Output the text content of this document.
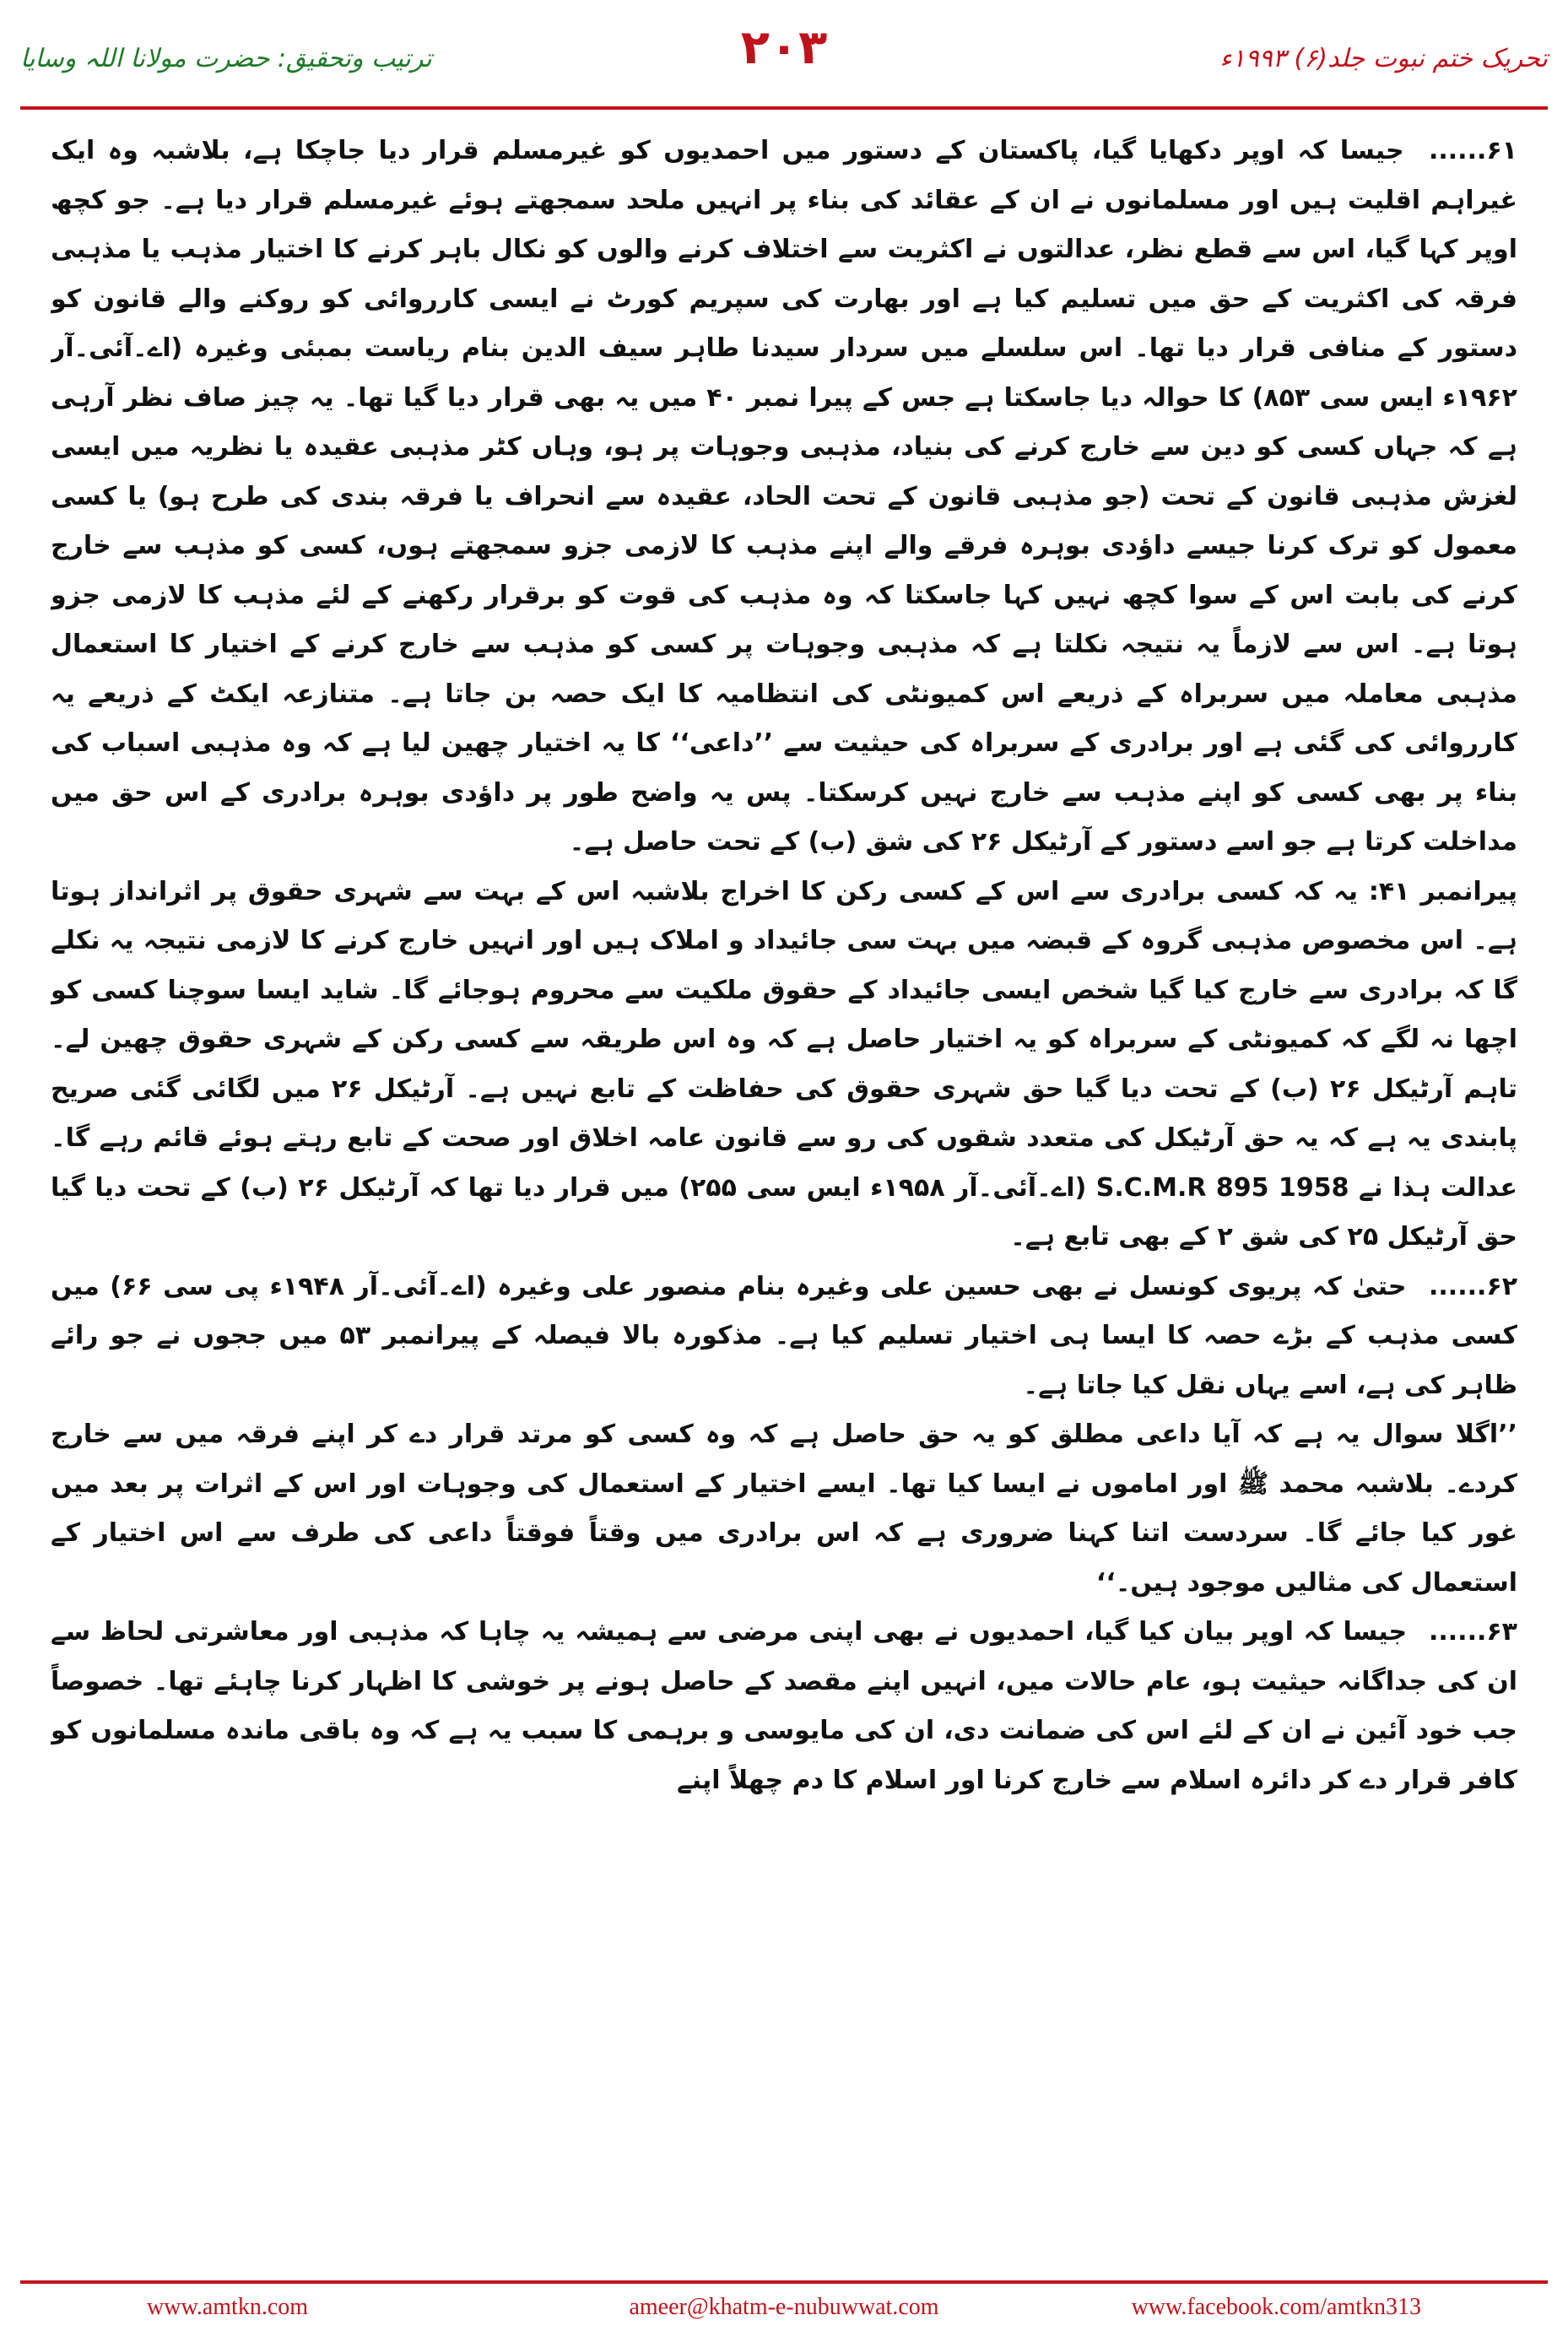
ترتیب وتحقیق: حضرت مولانا اللہ وسایا	۲۰۳	تحریک ختم نبوت جلد(۶) ۱۹۹۳ء

۶۱...... جیسا کہ اوپر دکھایا گیا، پاکستان کے دستور میں احمدیوں کو غیرمسلم قرار دیا جاچکا ہے، بلاشبہ وہ ایک غیراہم اقلیت ہیں اور مسلمانوں نے ان کے عقائد کی بناء پر انہیں ملحد سمجھتے ہوئے غیرمسلم قرار دیا ہے۔ جو کچھ اوپر کہا گیا، اس سے قطع نظر، عدالتوں نے اکثریت سے اختلاف کرنے والوں کو نکال باہر کرنے کا اختیار مذہب یا مذہبی فرقہ کی اکثریت کے حق میں تسلیم کیا ہے اور بھارت کی سپریم کورٹ نے ایسی کارروائی کو روکنے والے قانون کو دستور کے منافی قرار دیا تھا۔ اس سلسلے میں سردار سیدنا طاہر سیف الدین بنام ریاست بمبئی وغیرہ (اے۔آئی۔آر ۱۹۶۲ء ایس سی ۸۵۳) کا حوالہ دیا جاسکتا ہے جس کے پیرا نمبر ۴۰ میں یہ بھی قرار دیا گیا تھا۔ یہ چیز صاف نظر آرہی ہے کہ جہاں کسی کو دین سے خارج کرنے کی بنیاد، مذہبی وجوہات پر ہو، وہاں کٹر مذہبی عقیدہ یا نظریہ میں ایسی لغزش مذہبی قانون کے تحت (جو مذہبی قانون کے تحت الحاد، عقیدہ سے انحراف یا فرقہ بندی کی طرح ہو) یا کسی معمول کو ترک کرنا جیسے داؤدی بوہرہ فرقے والے اپنے مذہب کا لازمی جزو سمجھتے ہوں، کسی کو مذہب سے خارج کرنے کی بابت اس کے سوا کچھ نہیں کہا جاسکتا کہ وہ مذہب کی قوت کو برقرار رکھنے کے لئے مذہب کا لازمی جزو ہوتا ہے۔ اس سے لازماً یہ نتیجہ نکلتا ہے کہ مذہبی وجوہات پر کسی کو مذہب سے خارج کرنے کے اختیار کا استعمال مذہبی معاملہ میں سربراہ کے ذریعے اس کمیونٹی کی انتظامیہ کا ایک حصہ بن جاتا ہے۔ متنازعہ ایکٹ کے ذریعے یہ کارروائی کی گئی ہے اور برادری کے سربراہ کی حیثیت سے ’’داعی‘‘ کا یہ اختیار چھین لیا ہے کہ وہ مذہبی اسباب کی بناء پر بھی کسی کو اپنے مذہب سے خارج نہیں کرسکتا۔ پس یہ واضح طور پر داؤدی بوہرہ برادری کے اس حق میں مداخلت کرتا ہے جو اسے دستور کے آرٹیکل ۲۶ کی شق (ب) کے تحت حاصل ہے۔

پیرانمبر ۴۱: یہ کہ کسی برادری سے اس کے کسی رکن کا اخراج بلاشبہ اس کے بہت سے شہری حقوق پر اثرانداز ہوتا ہے۔ اس مخصوص مذہبی گروہ کے قبضہ میں بہت سی جائیداد و املاک ہیں اور انہیں خارج کرنے کا لازمی نتیجہ یہ نکلے گا کہ برادری سے خارج کیا گیا شخص ایسی جائیداد کے حقوق ملکیت سے محروم ہوجائے گا۔ شاید ایسا سوچنا کسی کو اچھا نہ لگے کہ کمیونٹی کے سربراہ کو یہ اختیار حاصل ہے کہ وہ اس طریقہ سے کسی رکن کے شہری حقوق چھین لے۔ تاہم آرٹیکل ۲۶ (ب) کے تحت دیا گیا حق شہری حقوق کی حفاظت کے تابع نہیں ہے۔ آرٹیکل ۲۶ میں لگائی گئی صریح پابندی یہ ہے کہ یہ حق آرٹیکل کی متعدد شقوں کی رو سے قانون عامہ اخلاق اور صحت کے تابع رہتے ہوئے قائم رہے گا۔ عدالت ہذا نے 1958 S.C.M.R 895 (اے۔آئی۔آر ۱۹۵۸ء ایس سی ۲۵۵) میں قرار دیا تھا کہ آرٹیکل ۲۶ (ب) کے تحت دیا گیا حق آرٹیکل ۲۵ کی شق ۲ کے بھی تابع ہے۔

۶۲...... حتیٰ کہ پریوی کونسل نے بھی حسین علی وغیرہ بنام منصور علی وغیرہ (اے۔آئی۔آر ۱۹۴۸ء پی سی ۶۶) میں کسی مذہب کے بڑے حصہ کا ایسا ہی اختیار تسلیم کیا ہے۔ مذکورہ بالا فیصلہ کے پیرانمبر ۵۳ میں ججوں نے جو رائے ظاہر کی ہے، اسے یہاں نقل کیا جاتا ہے۔

’’اگلا سوال یہ ہے کہ آیا داعی مطلق کو یہ حق حاصل ہے کہ وہ کسی کو مرتد قرار دے کر اپنے فرقہ میں سے خارج کردے۔ بلاشبہ محمد ﷺ اور اماموں نے ایسا کیا تھا۔ ایسے اختیار کے استعمال کی وجوہات اور اس کے اثرات پر بعد میں غور کیا جائے گا۔ سردست اتنا کہنا ضروری ہے کہ اس برادری میں وقتاً فوقتاً داعی کی طرف سے اس اختیار کے استعمال کی مثالیں موجود ہیں۔‘‘

۶۳...... جیسا کہ اوپر بیان کیا گیا، احمدیوں نے بھی اپنی مرضی سے ہمیشہ یہ چاہا کہ مذہبی اور معاشرتی لحاظ سے ان کی جداگانہ حیثیت ہو، عام حالات میں، انہیں اپنے مقصد کے حاصل ہونے پر خوشی کا اظہار کرنا چاہئے تھا۔ خصوصاً جب خود آئین نے ان کے لئے اس کی ضمانت دی، ان کی مایوسی و برہمی کا سبب یہ ہے کہ وہ باقی ماندہ مسلمانوں کو کافر قرار دے کر دائرہ اسلام سے خارج کرنا اور اسلام کا دم چھلاً اپنے

www.amtkn.com	ameer@khatm-e-nubuwwat.com	www.facebook.com/amtkn313
